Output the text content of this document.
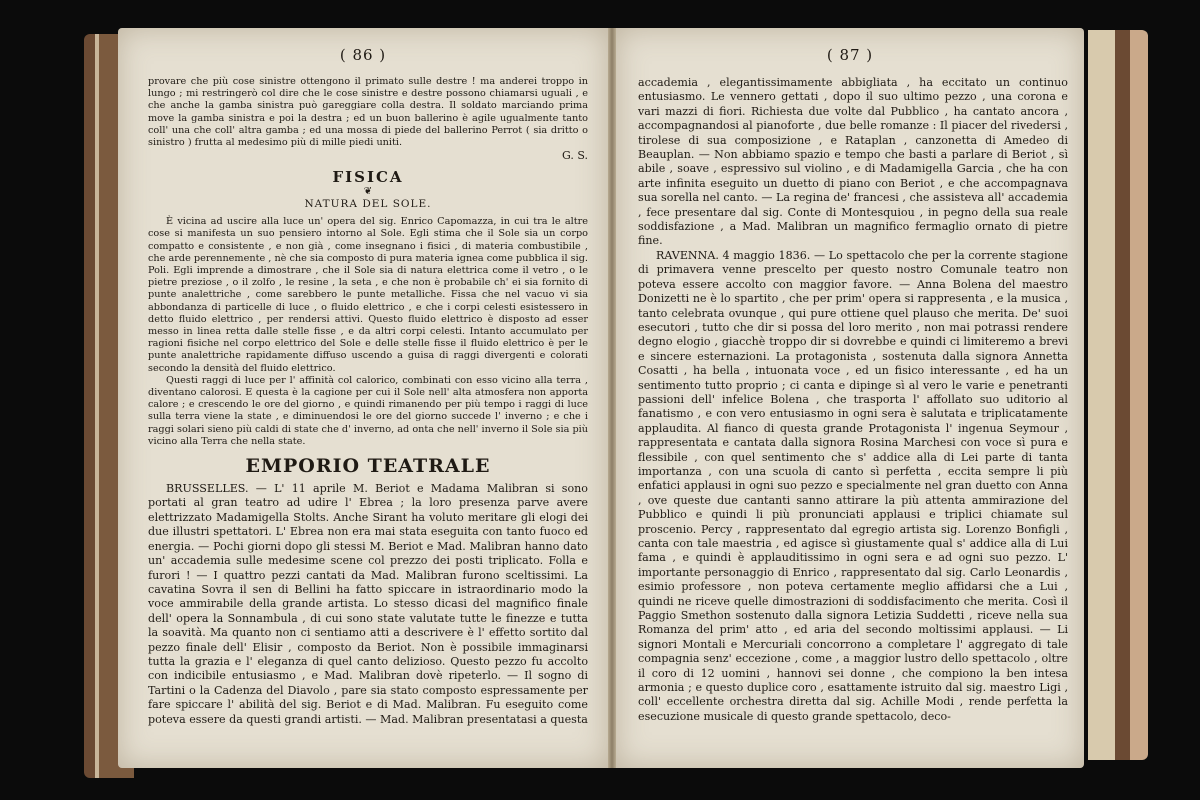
( 86 )

provare che più cose sinistre ottengono il primato sulle destre ! ma anderei troppo in lungo ; mi restringerò col dire che le cose sinistre e destre possono chiamarsi uguali , e che anche la gamba sinistra può gareggiare colla destra. Il soldato marciando prima move la gamba sinistra e poi la destra ; ed un buon ballerino è agile ugualmente tanto coll' una che coll' altra gamba ; ed una mossa di piede del ballerino Perrot ( sia dritto o sinistro ) frutta al medesimo più di mille piedi uniti.

G. S.
FISICA
❦
NATURA DEL SOLE.

È vicina ad uscire alla luce un' opera del sig. Enrico Capomazza, in cui tra le altre cose si manifesta un suo pensiero intorno al Sole. Egli stima che il Sole sia un corpo compatto e consistente , e non già , come insegnano i fisici , di materia combustibile , che arde perennemente , nè che sia composto di pura materia ignea come pubblica il sig. Poli. Egli imprende a dimostrare , che il Sole sia di natura elettrica come il vetro , o le pietre preziose , o il zolfo , le resine , la seta , e che non è probabile ch' ei sia fornito di punte analettriche , come sarebbero le punte metalliche. Fissa che nel vacuo vi sia abbondanza di particelle di luce , o fluido elettrico , e che i corpi celesti esistessero in detto fluido elettrico , per rendersi attivi. Questo fluido elettrico è disposto ad esser messo in linea retta dalle stelle fisse , e da altri corpi celesti. Intanto accumulato per ragioni fisiche nel corpo elettrico del Sole e delle stelle fisse il fluido elettrico è per le punte analettriche rapidamente diffuso uscendo a guisa di raggi divergenti e colorati secondo la densità del fluido elettrico.

Questi raggi di luce per l' affinità col calorico, combinati con esso vicino alla terra , diventano calorosi. E questa è la cagione per cui il Sole nell' alta atmosfera non apporta calore ; e crescendo le ore del giorno , e quindi rimanendo per più tempo i raggi di luce sulla terra viene la state , e diminuendosi le ore del giorno succede l' inverno ; e che i raggi solari sieno più caldi di state che d' inverno, ad onta che nell' inverno il Sole sia più vicino alla Terra che nella state.

EMPORIO TEATRALE

BRUSSELLES. — L' 11 aprile M. Beriot e Madama Malibran si sono portati al gran teatro ad udire l' Ebrea ; la loro presenza parve avere elettrizzato Madamigella Stolts. Anche Sirant ha voluto meritare gli elogi dei due illustri spettatori. L' Ebrea non era mai stata eseguita con tanto fuoco ed energia. — Pochi giorni dopo gli stessi M. Beriot e Mad. Malibran hanno dato un' accademia sulle medesime scene col prezzo dei posti triplicato. Folla e furori ! — I quattro pezzi cantati da Mad. Malibran furono sceltissimi. La cavatina Sovra il sen di Bellini ha fatto spiccare in istraordinario modo la voce ammirabile della grande artista. Lo stesso dicasi del magnifico finale dell' opera la Sonnambula , di cui sono state valutate tutte le finezze e tutta la soavità. Ma quanto non ci sentiamo atti a descrivere è l' effetto sortito dal pezzo finale dell' Elisir , composto da Beriot. Non è possibile immaginarsi tutta la grazia e l' eleganza di quel canto delizioso. Questo pezzo fu accolto con indicibile entusiasmo , e Mad. Malibran dovè ripeterlo. — Il sogno di Tartini o la Cadenza del Diavolo , pare sia stato composto espressamente per fare spiccare l' abilità del sig. Beriot e di Mad. Malibran. Fu eseguito come poteva essere da questi grandi artisti. — Mad. Malibran presentatasi a questa

( 87 )

accademia , elegantissimamente abbigliata , ha eccitato un continuo entusiasmo. Le vennero gettati , dopo il suo ultimo pezzo , una corona e vari mazzi di fiori. Richiesta due volte dal Pubblico , ha cantato ancora , accompagnandosi al pianoforte , due belle romanze : Il piacer del rivedersi , tirolese di sua composizione , e Rataplan , canzonetta di Amedeo di Beauplan. — Non abbiamo spazio e tempo che basti a parlare di Beriot , sì abile , soave , espressivo sul violino , e di Madamigella Garcia , che ha con arte infinita eseguito un duetto di piano con Beriot , e che accompagnava sua sorella nel canto. — La regina de' francesi , che assisteva all' accademia , fece presentare dal sig. Conte di Montesquiou , in pegno della sua reale soddisfazione , a Mad. Malibran un magnifico fermaglio ornato di pietre fine.

RAVENNA. 4 maggio 1836. — Lo spettacolo che per la corrente stagione di primavera venne prescelto per questo nostro Comunale teatro non poteva essere accolto con maggior favore. — Anna Bolena del maestro Donizetti ne è lo spartito , che per prim' opera si rappresenta , e la musica , tanto celebrata ovunque , qui pure ottiene quel plauso che merita. De' suoi esecutori , tutto che dir si possa del loro merito , non mai potrassi rendere degno elogio , giacchè troppo dir si dovrebbe e quindi ci limiteremo a brevi e sincere esternazioni. La protagonista , sostenuta dalla signora Annetta Cosatti , ha bella , intuonata voce , ed un fisico interessante , ed ha un sentimento tutto proprio ; ci canta e dipinge sì al vero le varie e penetranti passioni dell' infelice Bolena , che trasporta l' affollato suo uditorio al fanatismo , e con vero entusiasmo in ogni sera è salutata e triplicatamente applaudita. Al fianco di questa grande Protagonista l' ingenua Seymour , rappresentata e cantata dalla signora Rosina Marchesi con voce sì pura e flessibile , con quel sentimento che s' addice alla di Lei parte di tanta importanza , con una scuola di canto sì perfetta , eccita sempre li più enfatici applausi in ogni suo pezzo e specialmente nel gran duetto con Anna , ove queste due cantanti sanno attirare la più attenta ammirazione del Pubblico e quindi li più pronunciati applausi e triplici chiamate sul proscenio. Percy , rappresentato dal egregio artista sig. Lorenzo Bonfigli , canta con tale maestria , ed agisce sì giustamente qual s' addice alla di Lui fama , e quindi è applauditissimo in ogni sera e ad ogni suo pezzo. L' importante personaggio di Enrico , rappresentato dal sig. Carlo Leonardis , esimio professore , non poteva certamente meglio affidarsi che a Lui , quindi ne riceve quelle dimostrazioni di soddisfacimento che merita. Così il Paggio Smethon sostenuto dalla signora Letizia Suddetti , riceve nella sua Romanza del prim' atto , ed aria del secondo moltissimi applausi. — Li signori Montali e Mercuriali concorrono a completare l' aggregato di tale compagnia senz' eccezione , come , a maggior lustro dello spettacolo , oltre il coro di 12 uomini , hannovi sei donne , che compiono la ben intesa armonia ; e questo duplice coro , esattamente istruito dal sig. maestro Ligi , coll' eccellente orchestra diretta dal sig. Achille Modi , rende perfetta la esecuzione musicale di questo grande spettacolo, deco-
